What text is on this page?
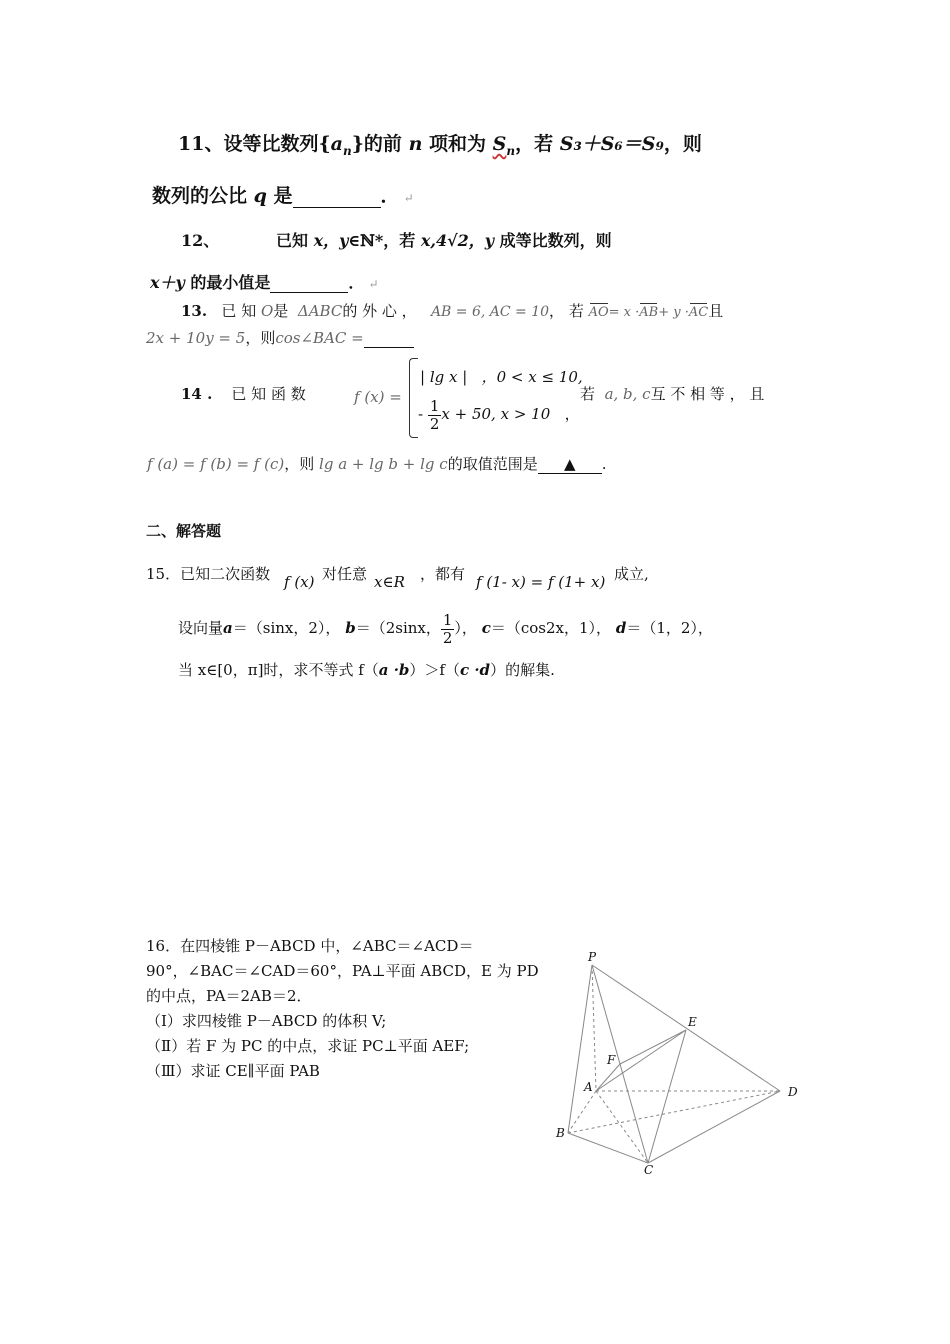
11、设等比数列$\{a_n\}$的前 n 项和为 $S_n$，若 S₃＋S₆＝S₉，则
数列的公比 q 是	． ↵
12、	已知 x，y∈ℕ*，若 x,4√2，y 成等比数列，则
x＋y 的最小值是	． ↵
13. 已 知 O是 ΔABC的 外 心 ， AB = 6, AC = 10， 若 AO= x ·AB+ y ·AC且
2x + 10y = 5，则cos∠BAC =
14 . 已 知 函 数	f (x) =
| lg x | ，0 < x ≤ 10,
- $\frac{1}{2}$ x + 50, x > 10 ，
若 a, b, c互 不 相 等 ， 且
f (a) = f (b) = f (c)，则 lg a + lg b + lg c的取值范围是 ▲ .
二、解答题
15．已知二次函数 f (x) 对任意 x∈R ，都有 f (1- x) = f (1+ x) 成立,
设向量a＝（sinx，2）， b＝（2sinx， $\frac{1}{2}$ ）， c＝（cos2x，1）， d＝（1，2），
当 x∈[0，π]时，求不等式 f（a ·b）＞f（c ·d）的解集.
16．在四棱锥 P－ABCD 中，∠ABC＝∠ACD＝
90°，∠BAC＝∠CAD＝60°，PA⊥平面 ABCD，E 为 PD
的中点，PA＝2AB＝2．
（Ⅰ）求四棱锥 P－ABCD 的体积 V;
（Ⅱ）若 F 为 PC 的中点，求证 PC⊥平面 AEF;
（Ⅲ）求证 CE∥平面 PAB
P
E
F
A	D
B
C
